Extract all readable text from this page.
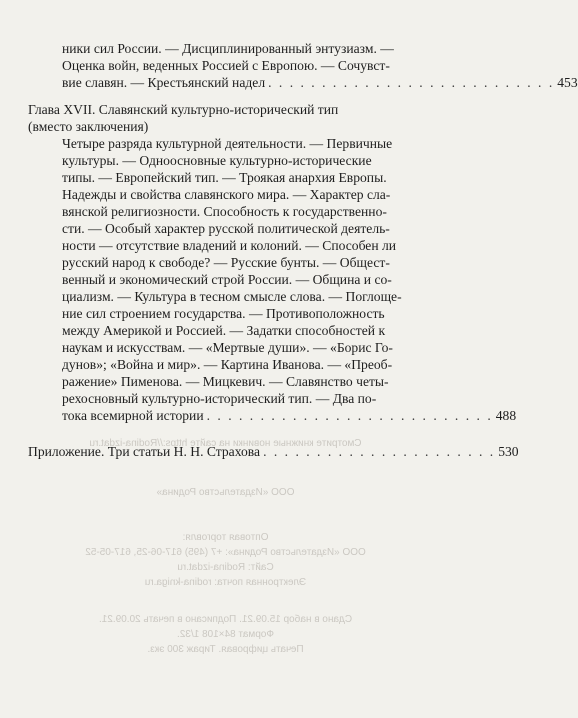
Смотрите книжные новинки на сайте https://Rodina-izdat.ru
ООО «Издательство Родина»
Оптовая торговля:
ООО «Издательство Родина»: +7 (495) 617-06-25, 617-05-52
Сайт: Rodina-izdat.ru
Электронная почта: rodina-kniga.ru
Сдано в набор 15.09.21. Подписано в печать 20.09.21.
Формат 84×108 1/32.
Печать цифровая. Тираж 300 экз.
ники сил России. — Дисциплинированный энтузиазм. —
Оценка войн, веденных Россией с Европою. — Сочувст-
вие славян. — Крестьянский надел . . . . . . . . . . . . . . . . . . . . . . . . . . . 453
Глава XVII. Славянский культурно-исторический тип
(вместо заключения)
Четыре разряда культурной деятельности. — Первичные
культуры. — Одноосновные культурно-исторические
типы. — Европейский тип. — Троякая анархия Европы.
Надежды и свойства славянского мира. — Характер сла-
вянской религиозности. Способность к государственно-
сти. — Особый характер русской политической деятель-
ности — отсутствие владений и колоний. — Способен ли
русский народ к свободе? — Русские бунты. — Общест-
венный и экономический строй России. — Община и со-
циализм. — Культура в тесном смысле слова. — Поглоще-
ние сил строением государства. — Противоположность
между Америкой и Россией. — Задатки способностей к
наукам и искусствам. — «Мертвые души». — «Борис Го-
дунов»; «Война и мир». — Картина Иванова. — «Преоб-
ражение» Пименова. — Мицкевич. — Славянство четы-
рехосновный культурно-исторический тип. — Два по-
тока всемирной истории . . . . . . . . . . . . . . . . . . . . . . . . . . . 488
Приложение. Три статьи Н. Н. Страхова . . . . . . . . . . . . . . . . . . . . . . 530
